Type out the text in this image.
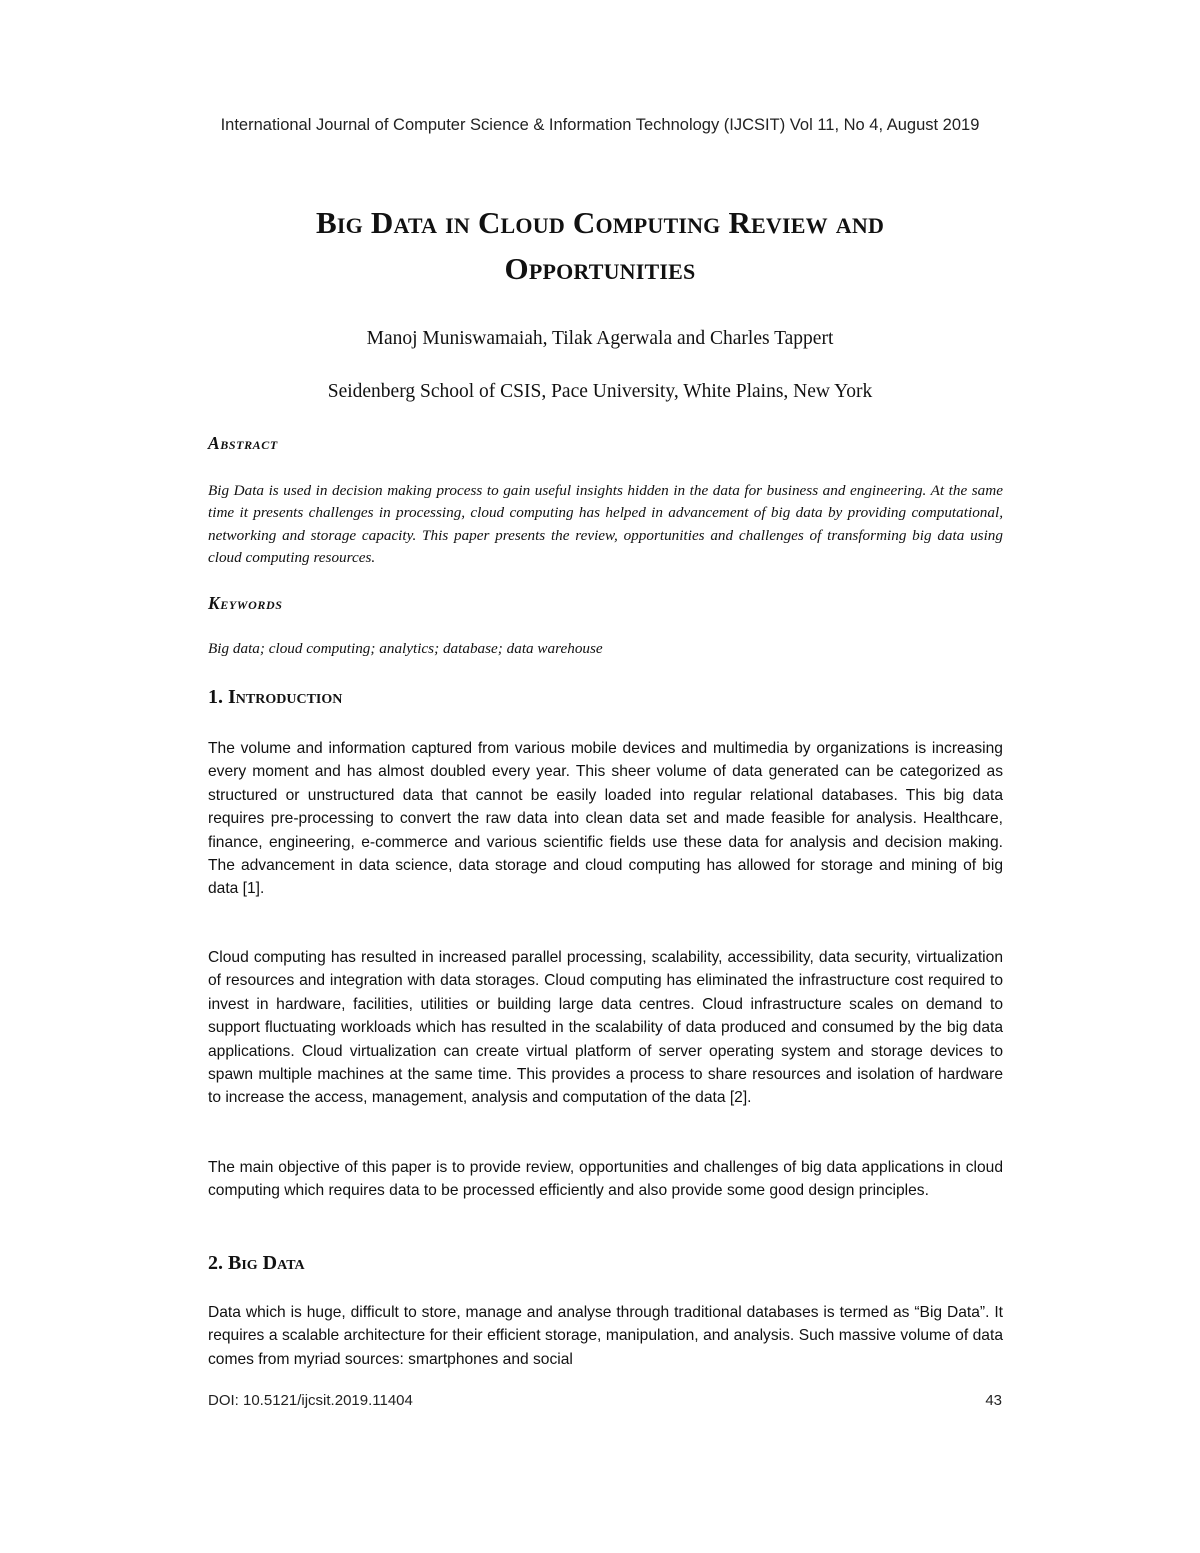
International Journal of Computer Science & Information Technology (IJCSIT) Vol 11, No 4, August 2019
Big Data in Cloud Computing Review and
Opportunities
Manoj Muniswamaiah, Tilak Agerwala and Charles Tappert
Seidenberg School of CSIS, Pace University, White Plains, New York
Abstract
Big Data is used in decision making process to gain useful insights hidden in the data for business and engineering. At the same time it presents challenges in processing, cloud computing has helped in advancement of big data by providing computational, networking and storage capacity. This paper presents the review, opportunities and challenges of transforming big data using cloud computing resources.
Keywords
Big data; cloud computing; analytics; database; data warehouse
1. Introduction
The volume and information captured from various mobile devices and multimedia by organizations is increasing every moment and has almost doubled every year. This sheer volume of data generated can be categorized as structured or unstructured data that cannot be easily loaded into regular relational databases. This big data requires pre-processing to convert the raw data into clean data set and made feasible for analysis. Healthcare, finance, engineering, e-commerce and various scientific fields use these data for analysis and decision making. The advancement in data science, data storage and cloud computing has allowed for storage and mining of big data [1].
Cloud computing has resulted in increased parallel processing, scalability, accessibility, data security, virtualization of resources and integration with data storages. Cloud computing has eliminated the infrastructure cost required to invest in hardware, facilities, utilities or building large data centres. Cloud infrastructure scales on demand to support fluctuating workloads which has resulted in the scalability of data produced and consumed by the big data applications. Cloud virtualization can create virtual platform of server operating system and storage devices to spawn multiple machines at the same time. This provides a process to share resources and isolation of hardware to increase the access, management, analysis and computation of the data [2].
The main objective of this paper is to provide review, opportunities and challenges of big data applications in cloud computing which requires data to be processed efficiently and also provide some good design principles.
2. Big Data
Data which is huge, difficult to store, manage and analyse through traditional databases is termed as “Big Data”. It requires a scalable architecture for their efficient storage, manipulation, and analysis. Such massive volume of data comes from myriad sources: smartphones and social
DOI: 10.5121/ijcsit.2019.11404	43
